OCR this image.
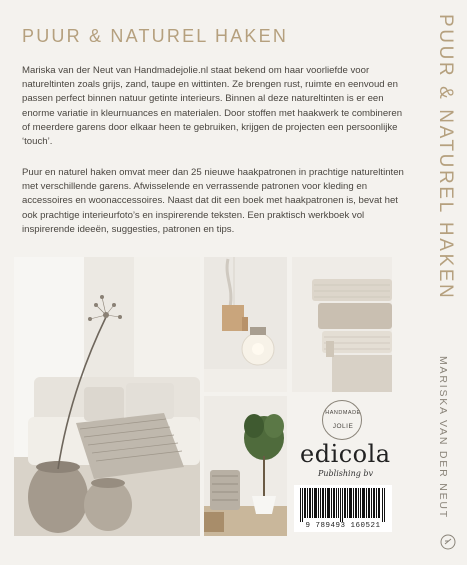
PUUR & NATUREL HAKEN

Mariska van der Neut van Handmadejolie.nl staat bekend om haar voorliefde voor natureltinten zoals grijs, zand, taupe en wittinten. Ze brengen rust, ruimte en eenvoud en passen perfect binnen natuur getinte interieurs. Binnen al deze natureltinten is er een enorme variatie in kleurnuances en materialen. Door stoffen met haakwerk te combineren of meerdere garens door elkaar heen te gebruiken, krijgen de projecten een persoonlijke ‘touch’.

Puur en naturel haken omvat meer dan 25 nieuwe haakpatronen in prachtige natureltinten met verschillende garens. Afwisselende en verrassende patronen voor kleding en accessoires en woonaccessoires. Naast dat dit een boek met haakpatronen is, bevat het ook prachtige interieurfoto’s en inspirerende teksten. Een praktisch werkboek vol inspirerende ideeën, suggesties, patronen en tips.	PUUR & NATUREL HAKEN
MARISKA VAN DER NEUT
HANDMADE
JOLIE
edicola
Publishing bv
9 789493 160521
